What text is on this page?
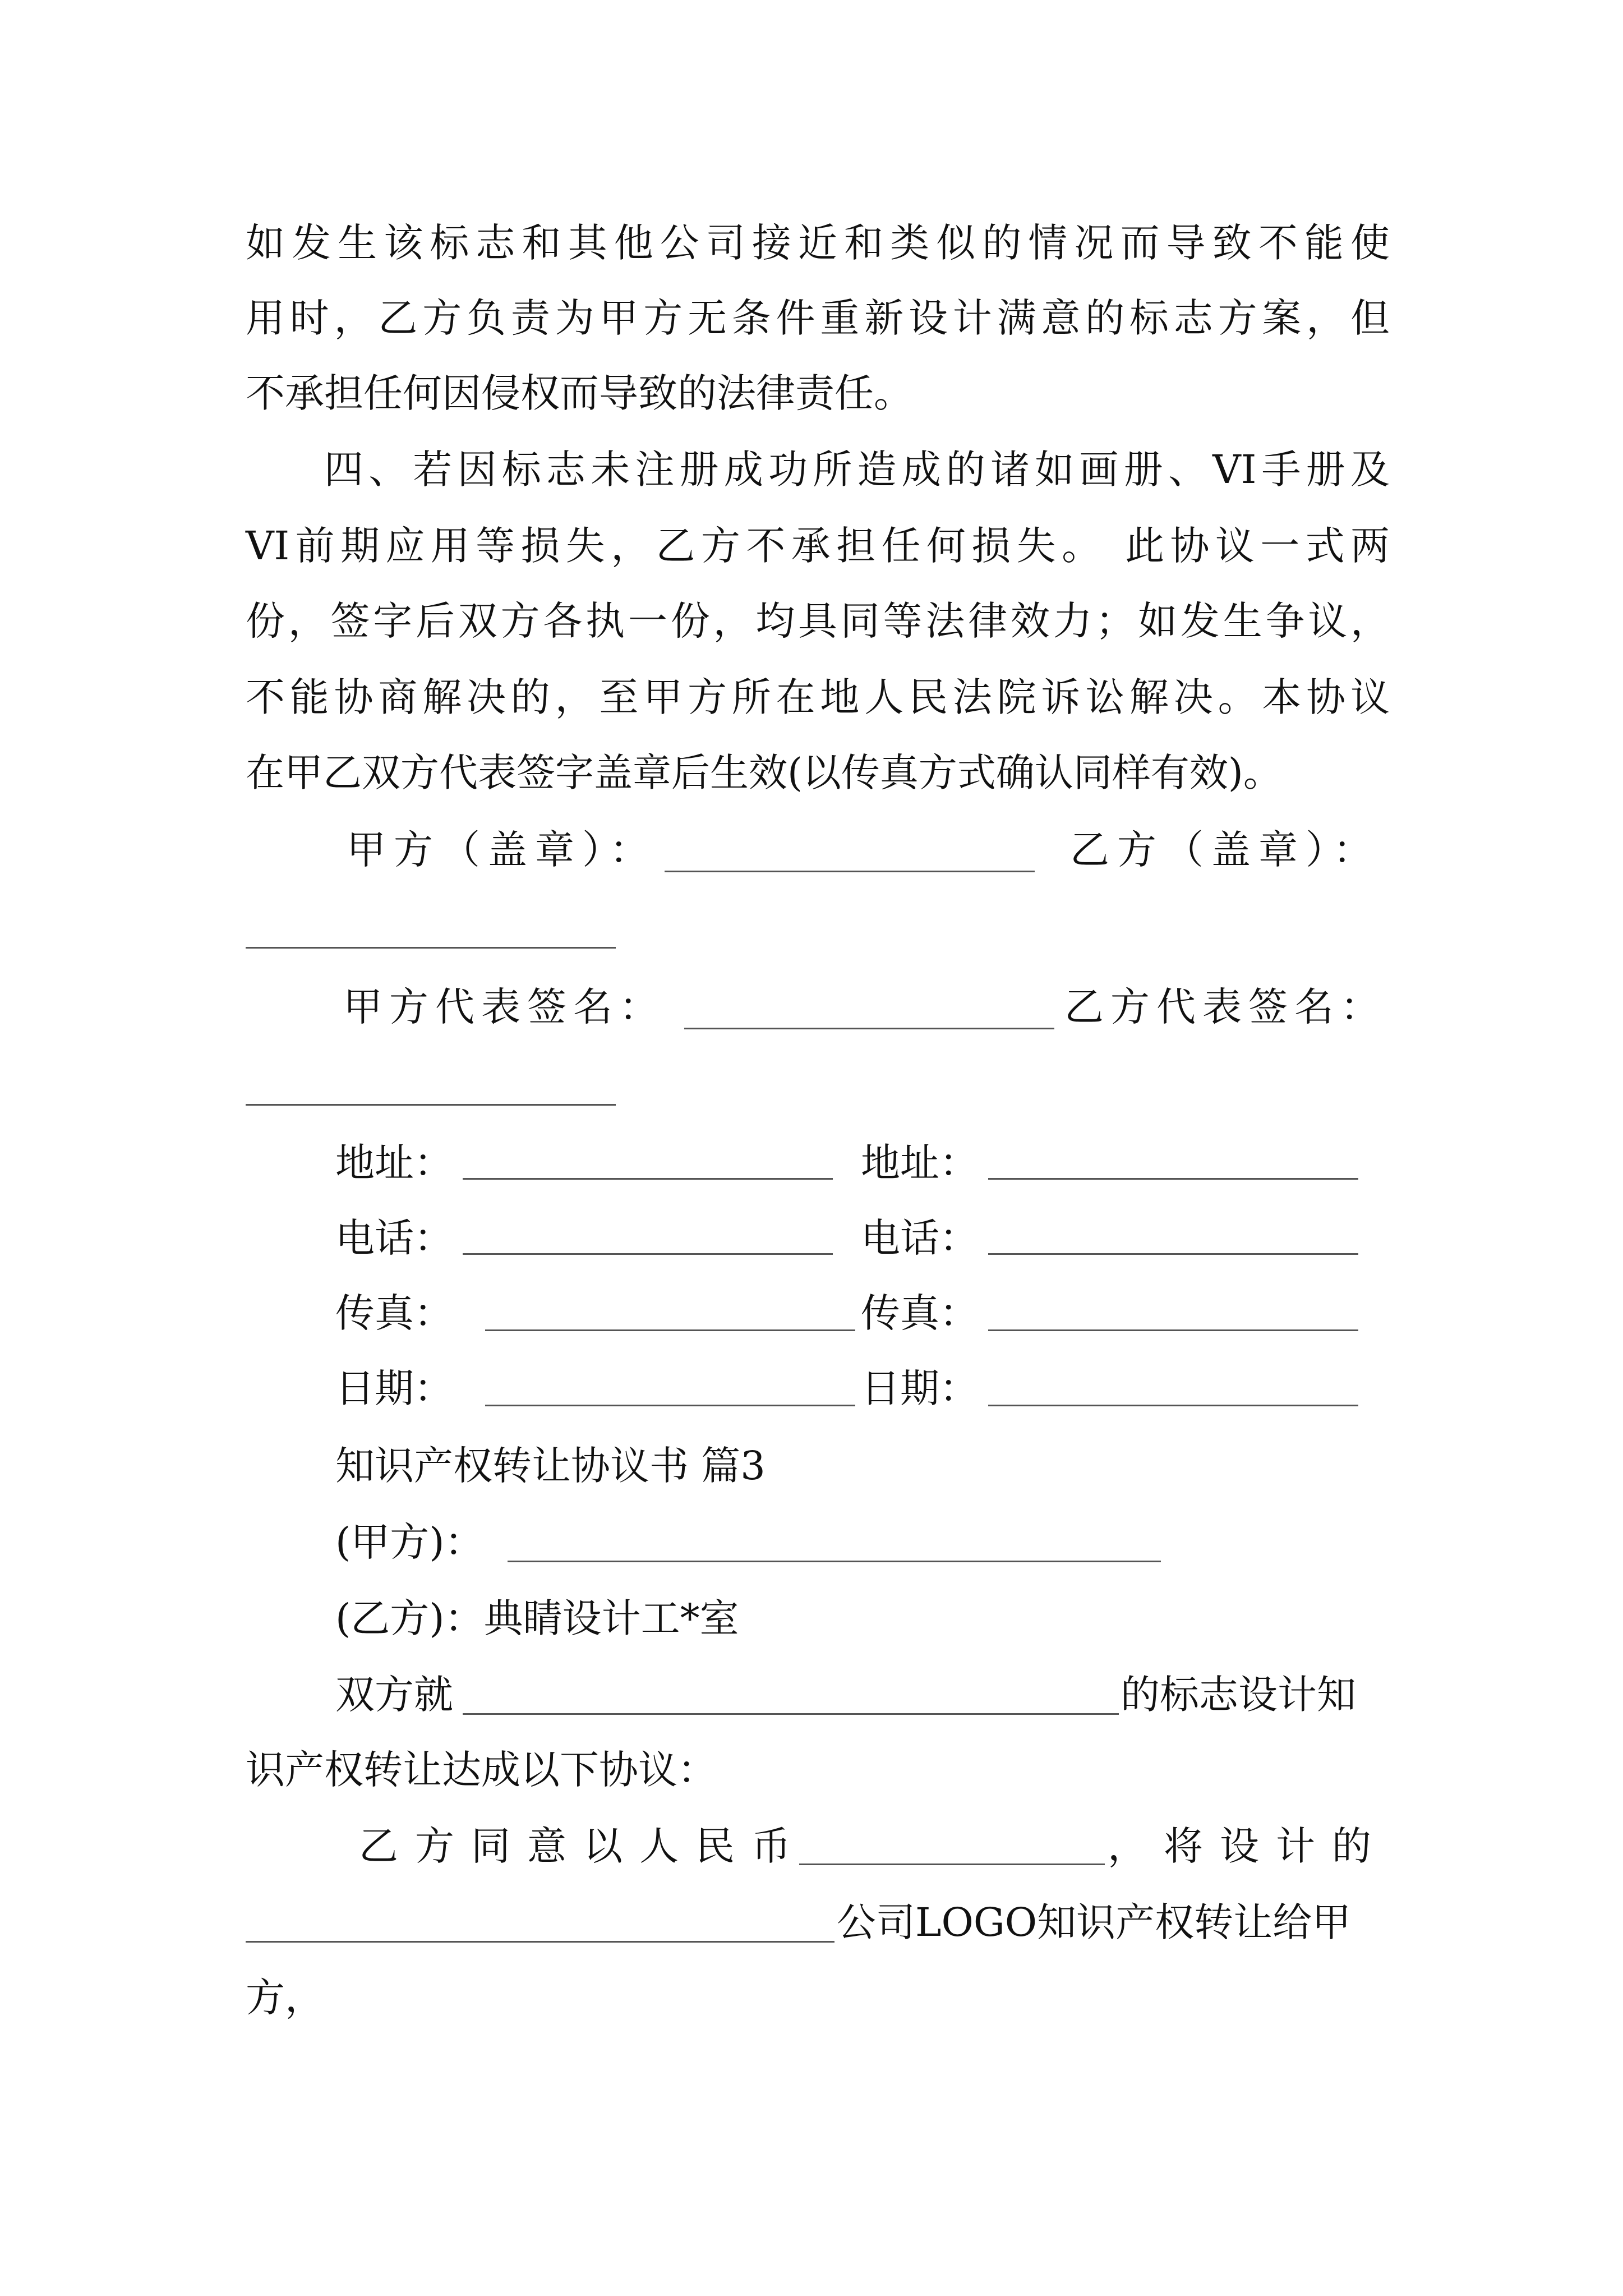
如发生该标志和其他公司接近和类似的情况而导致不能使
用时，乙方负责为甲方无条件重新设计满意的标志方案，但
不承担任何因侵权而导致的法律责任。
四、若因标志未注册成功所造成的诸如画册、VI手册及
VI前期应用等损失，乙方不承担任何损失。 此协议一式两
份，签字后双方各执一份，均具同等法律效力；如发生争议，
不能协商解决的，至甲方所在地人民法院诉讼解决。本协议
在甲乙双方代表签字盖章后生效(以传真方式确认同样有效)。
甲方（盖章）：	乙方（盖章）：
甲方代表签名：	乙方代表签名：
地址：	地址：
电话：	电话：
传真：	传真：
日期：	日期：
知识产权转让协议书 篇3
(甲方)：
(乙方)：典睛设计工*室
双方就	的标志设计知
识产权转让达成以下协议：
乙方同意以人民币	，将设计的
公司LOGO知识产权转让给甲
方，
